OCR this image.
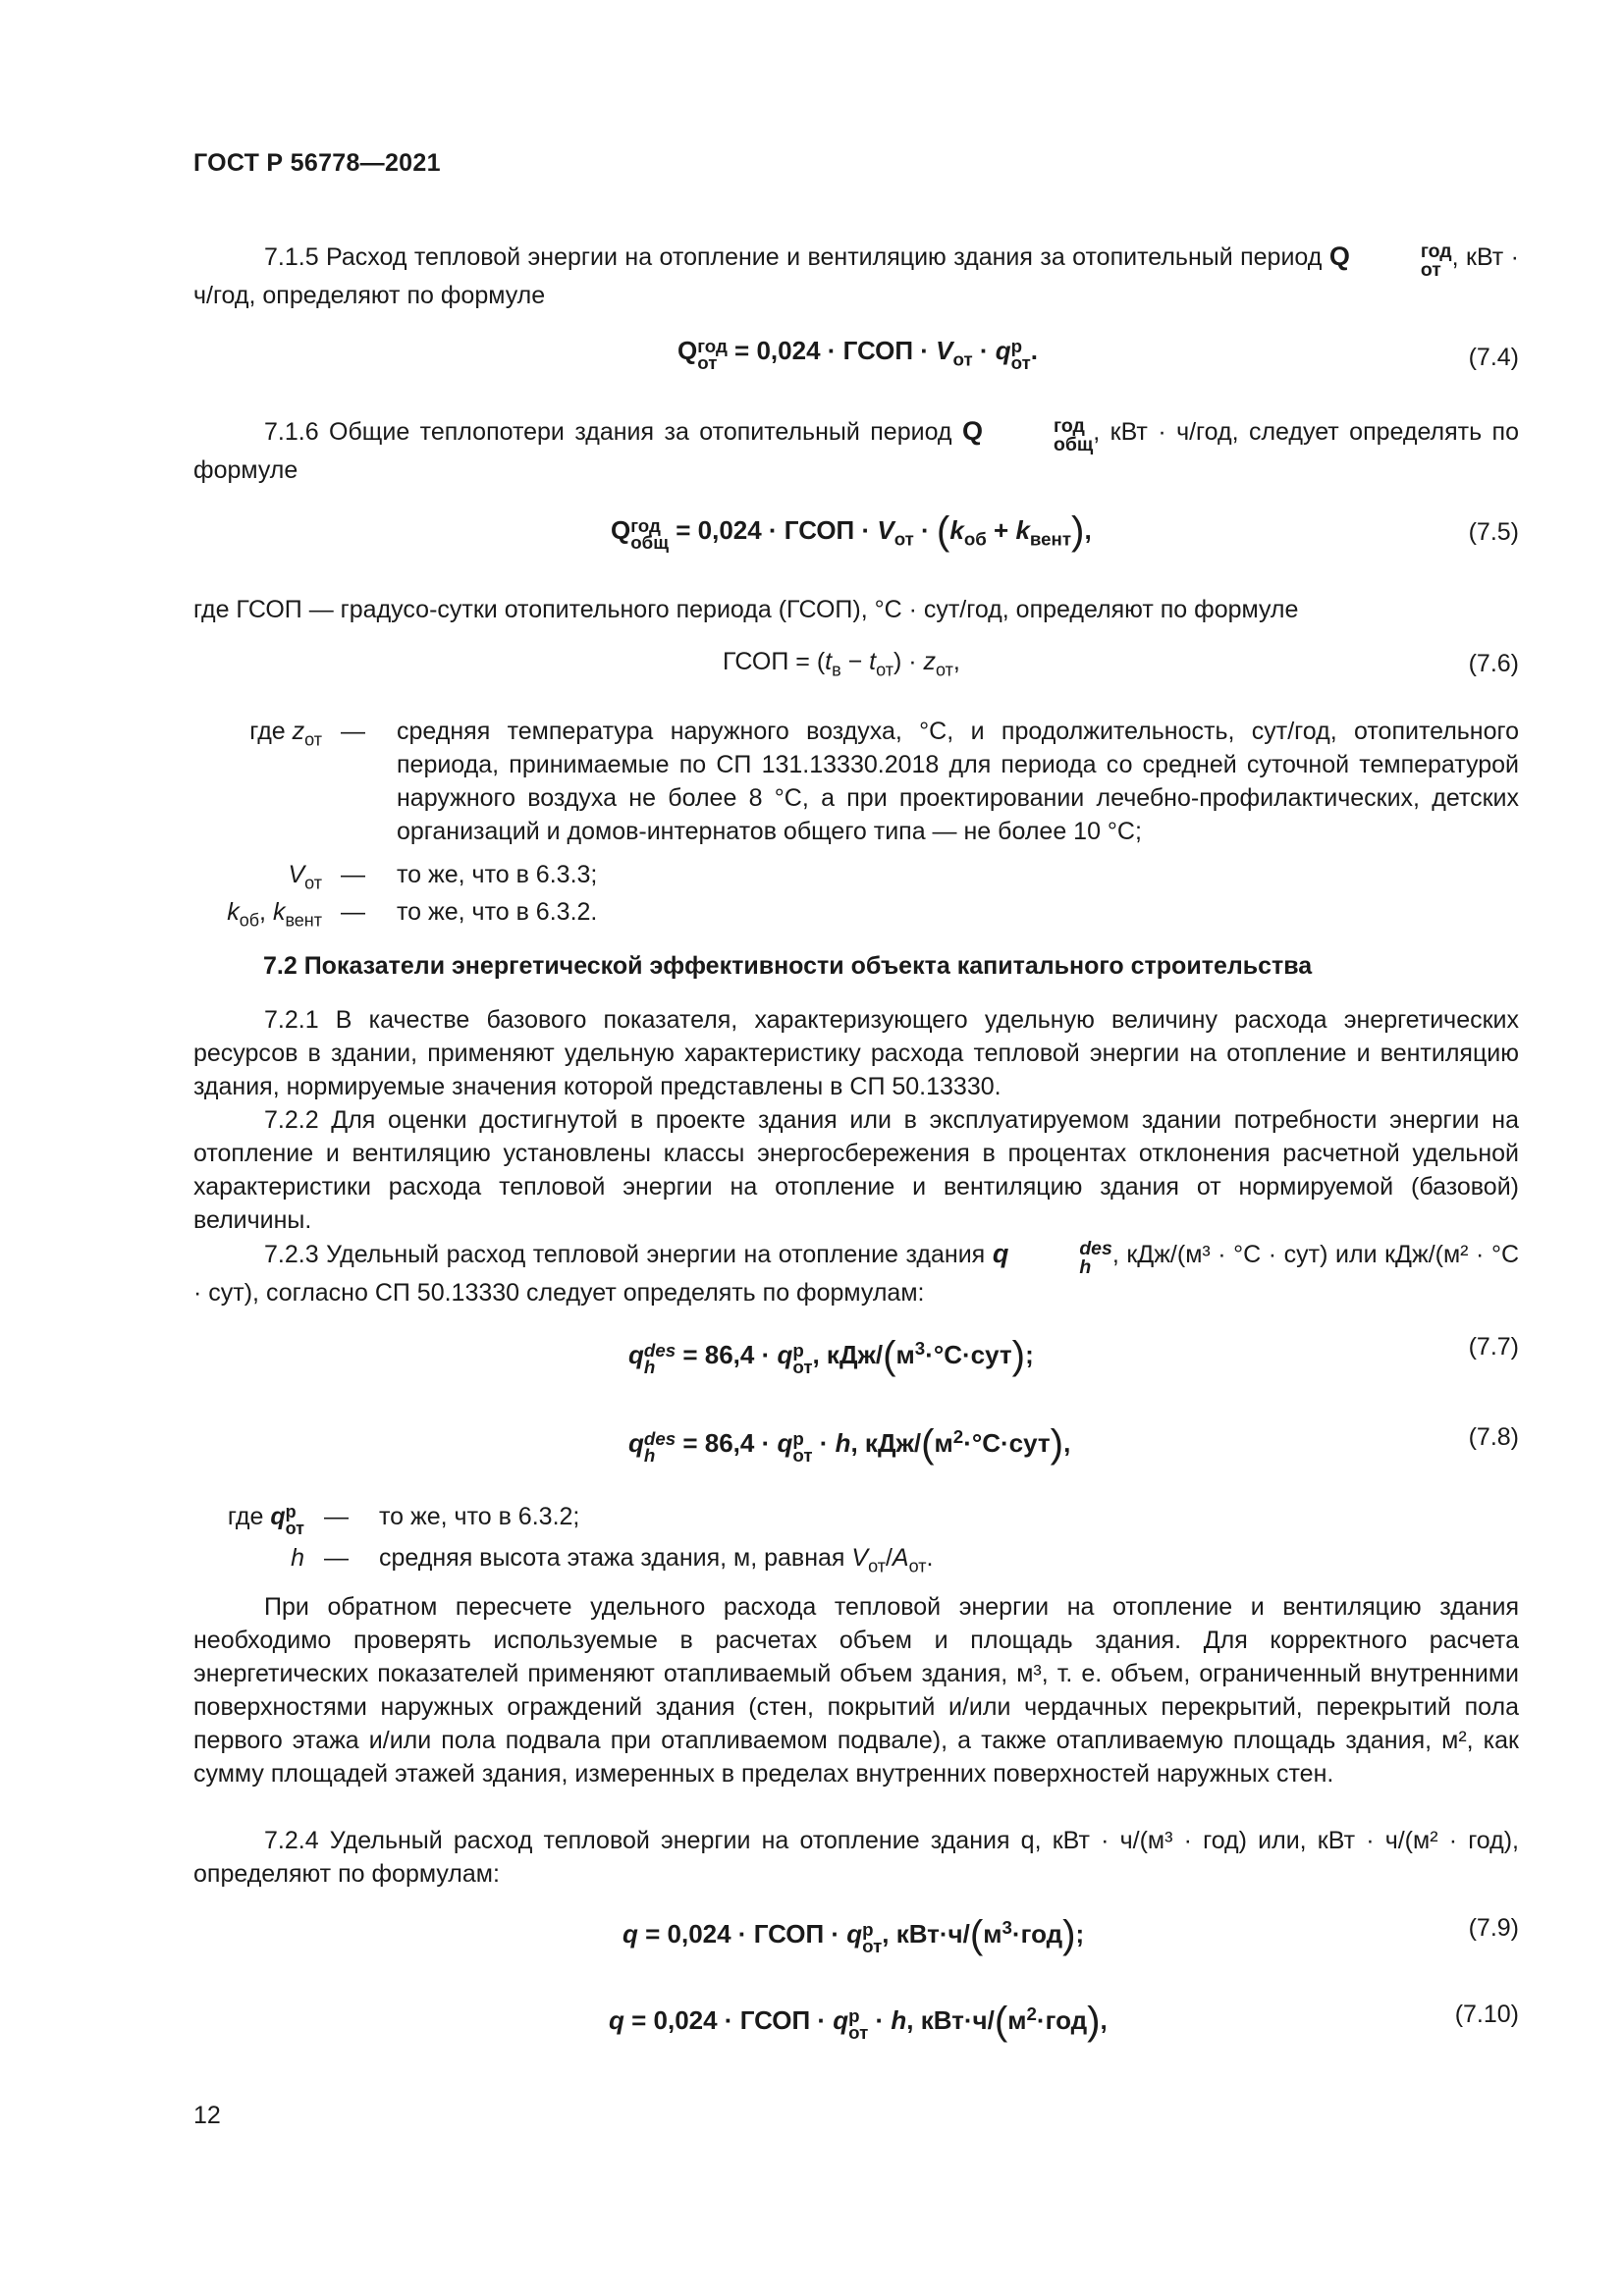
ГОСТ Р 56778—2021
7.1.5 Расход тепловой энергии на отопление и вентиляцию здания за отопительный период Q	год
от , кВт · ч/год, определяют по формуле
Q год
от = 0,024 · ГСОП · $V_{от} \cdot q$ р
от .	(7.4)
7.1.6 Общие теплопотери здания за отопительный период Q	год
общ , кВт · ч/год, следует определять по формуле
Q год
общ = 0,024 · ГСОП · $V_{от} \cdot (k_{об} + k_{вент})$,	(7.5)
где ГСОП — градусо-сутки отопительного периода (ГСОП), °С · сут/год, определяют по формуле
ГСОП = $(t_в - t_{от}) \cdot z_{от}$,	(7.6)
где $z_{от}$ — средняя температура наружного воздуха, °С, и продолжительность, сут/год, отопительного периода, принимаемые по СП 131.13330.2018 для периода со средней суточной температурой наружного воздуха не более 8 °С, а при проектировании лечебно-профилактических, детских организаций и домов-интернатов общего типа — не более 10 °С;
$V_{от}$ — то же, что в 6.3.3;
$k_{об}$, $k_{вент}$ — то же, что в 6.3.2.
7.2 Показатели энергетической эффективности объекта капитального строительства
7.2.1 В качестве базового показателя, характеризующего удельную величину расхода энергетических ресурсов в здании, применяют удельную характеристику расхода тепловой энергии на отопление и вентиляцию здания, нормируемые значения которой представлены в СП 50.13330.
7.2.2 Для оценки достигнутой в проекте здания или в эксплуатируемом здании потребности энергии на отопление и вентиляцию установлены классы энергосбережения в процентах отклонения расчетной удельной характеристики расхода тепловой энергии на отопление и вентиляцию здания от нормируемой (базовой) величины.
7.2.3 Удельный расход тепловой энергии на отопление здания q	des
h , кДж/(м³ · °С · сут) или кДж/(м² · °С · сут), согласно СП 50.13330 следует определять по формулам:
q des
h = 86,4 · q р
от , кДж/$(м^3\cdot^\circ С\cdot сут)$;	(7.7)
q des
h = 86,4 · q р
от · h, кДж/$(м^2\cdot^\circ С\cdot сут)$,	(7.8)
где q р
от — то же, что в 6.3.2;
h — средняя высота этажа здания, м, равная $V_{от}/A_{от}$.
При обратном пересчете удельного расхода тепловой энергии на отопление и вентиляцию здания необходимо проверять используемые в расчетах объем и площадь здания. Для корректного расчета энергетических показателей применяют отапливаемый объем здания, м³, т. е. объем, ограниченный внутренними поверхностями наружных ограждений здания (стен, покрытий и/или чердачных перекрытий, перекрытий пола первого этажа и/или пола подвала при отапливаемом подвале), а также отапливаемую площадь здания, м², как сумму площадей этажей здания, измеренных в пределах внутренних поверхностей наружных стен.
7.2.4 Удельный расход тепловой энергии на отопление здания q, кВт · ч/(м³ · год) или, кВт · ч/(м² · год), определяют по формулам:
q = 0,024 · ГСОП · q р
от , $кВт\cdot ч/(м^3\cdot год)$;	(7.9)
q = 0,024 · ГСОП · q р
от · h, $кВт\cdot ч/(м^2\cdot год)$,	(7.10)
12
